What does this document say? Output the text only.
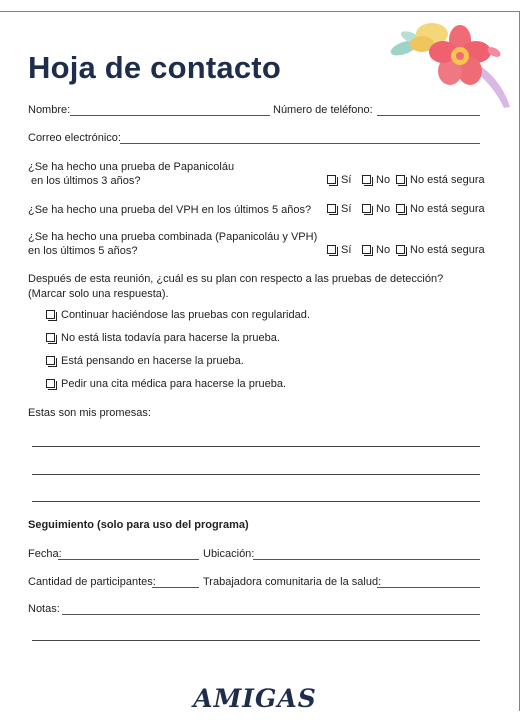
Hoja de contacto
Nombre:	Número de teléfono:
Correo electrónico:
¿Se ha hecho una prueba de Papanicoláu
en los últimos 3 años?	Sí No No está segura
¿Se ha hecho una prueba del VPH en los últimos 5 años?	Sí No No está segura
¿Se ha hecho una prueba combinada (Papanicoláu y VPH)
en los últimos 5 años?	Sí No No está segura
Después de esta reunión, ¿cuál es su plan con respecto a las pruebas de detección?
(Marcar solo una respuesta).
Continuar haciéndose las pruebas con regularidad.
No está lista todavía para hacerse la prueba.
Está pensando en hacerse la prueba.
Pedir una cita médica para hacerse la prueba.
Estas son mis promesas:
Seguimiento (solo para uso del programa)
Fecha:	Ubicación:
Cantidad de participantes:	Trabajadora comunitaria de la salud:
Notas:
AMIGAS
